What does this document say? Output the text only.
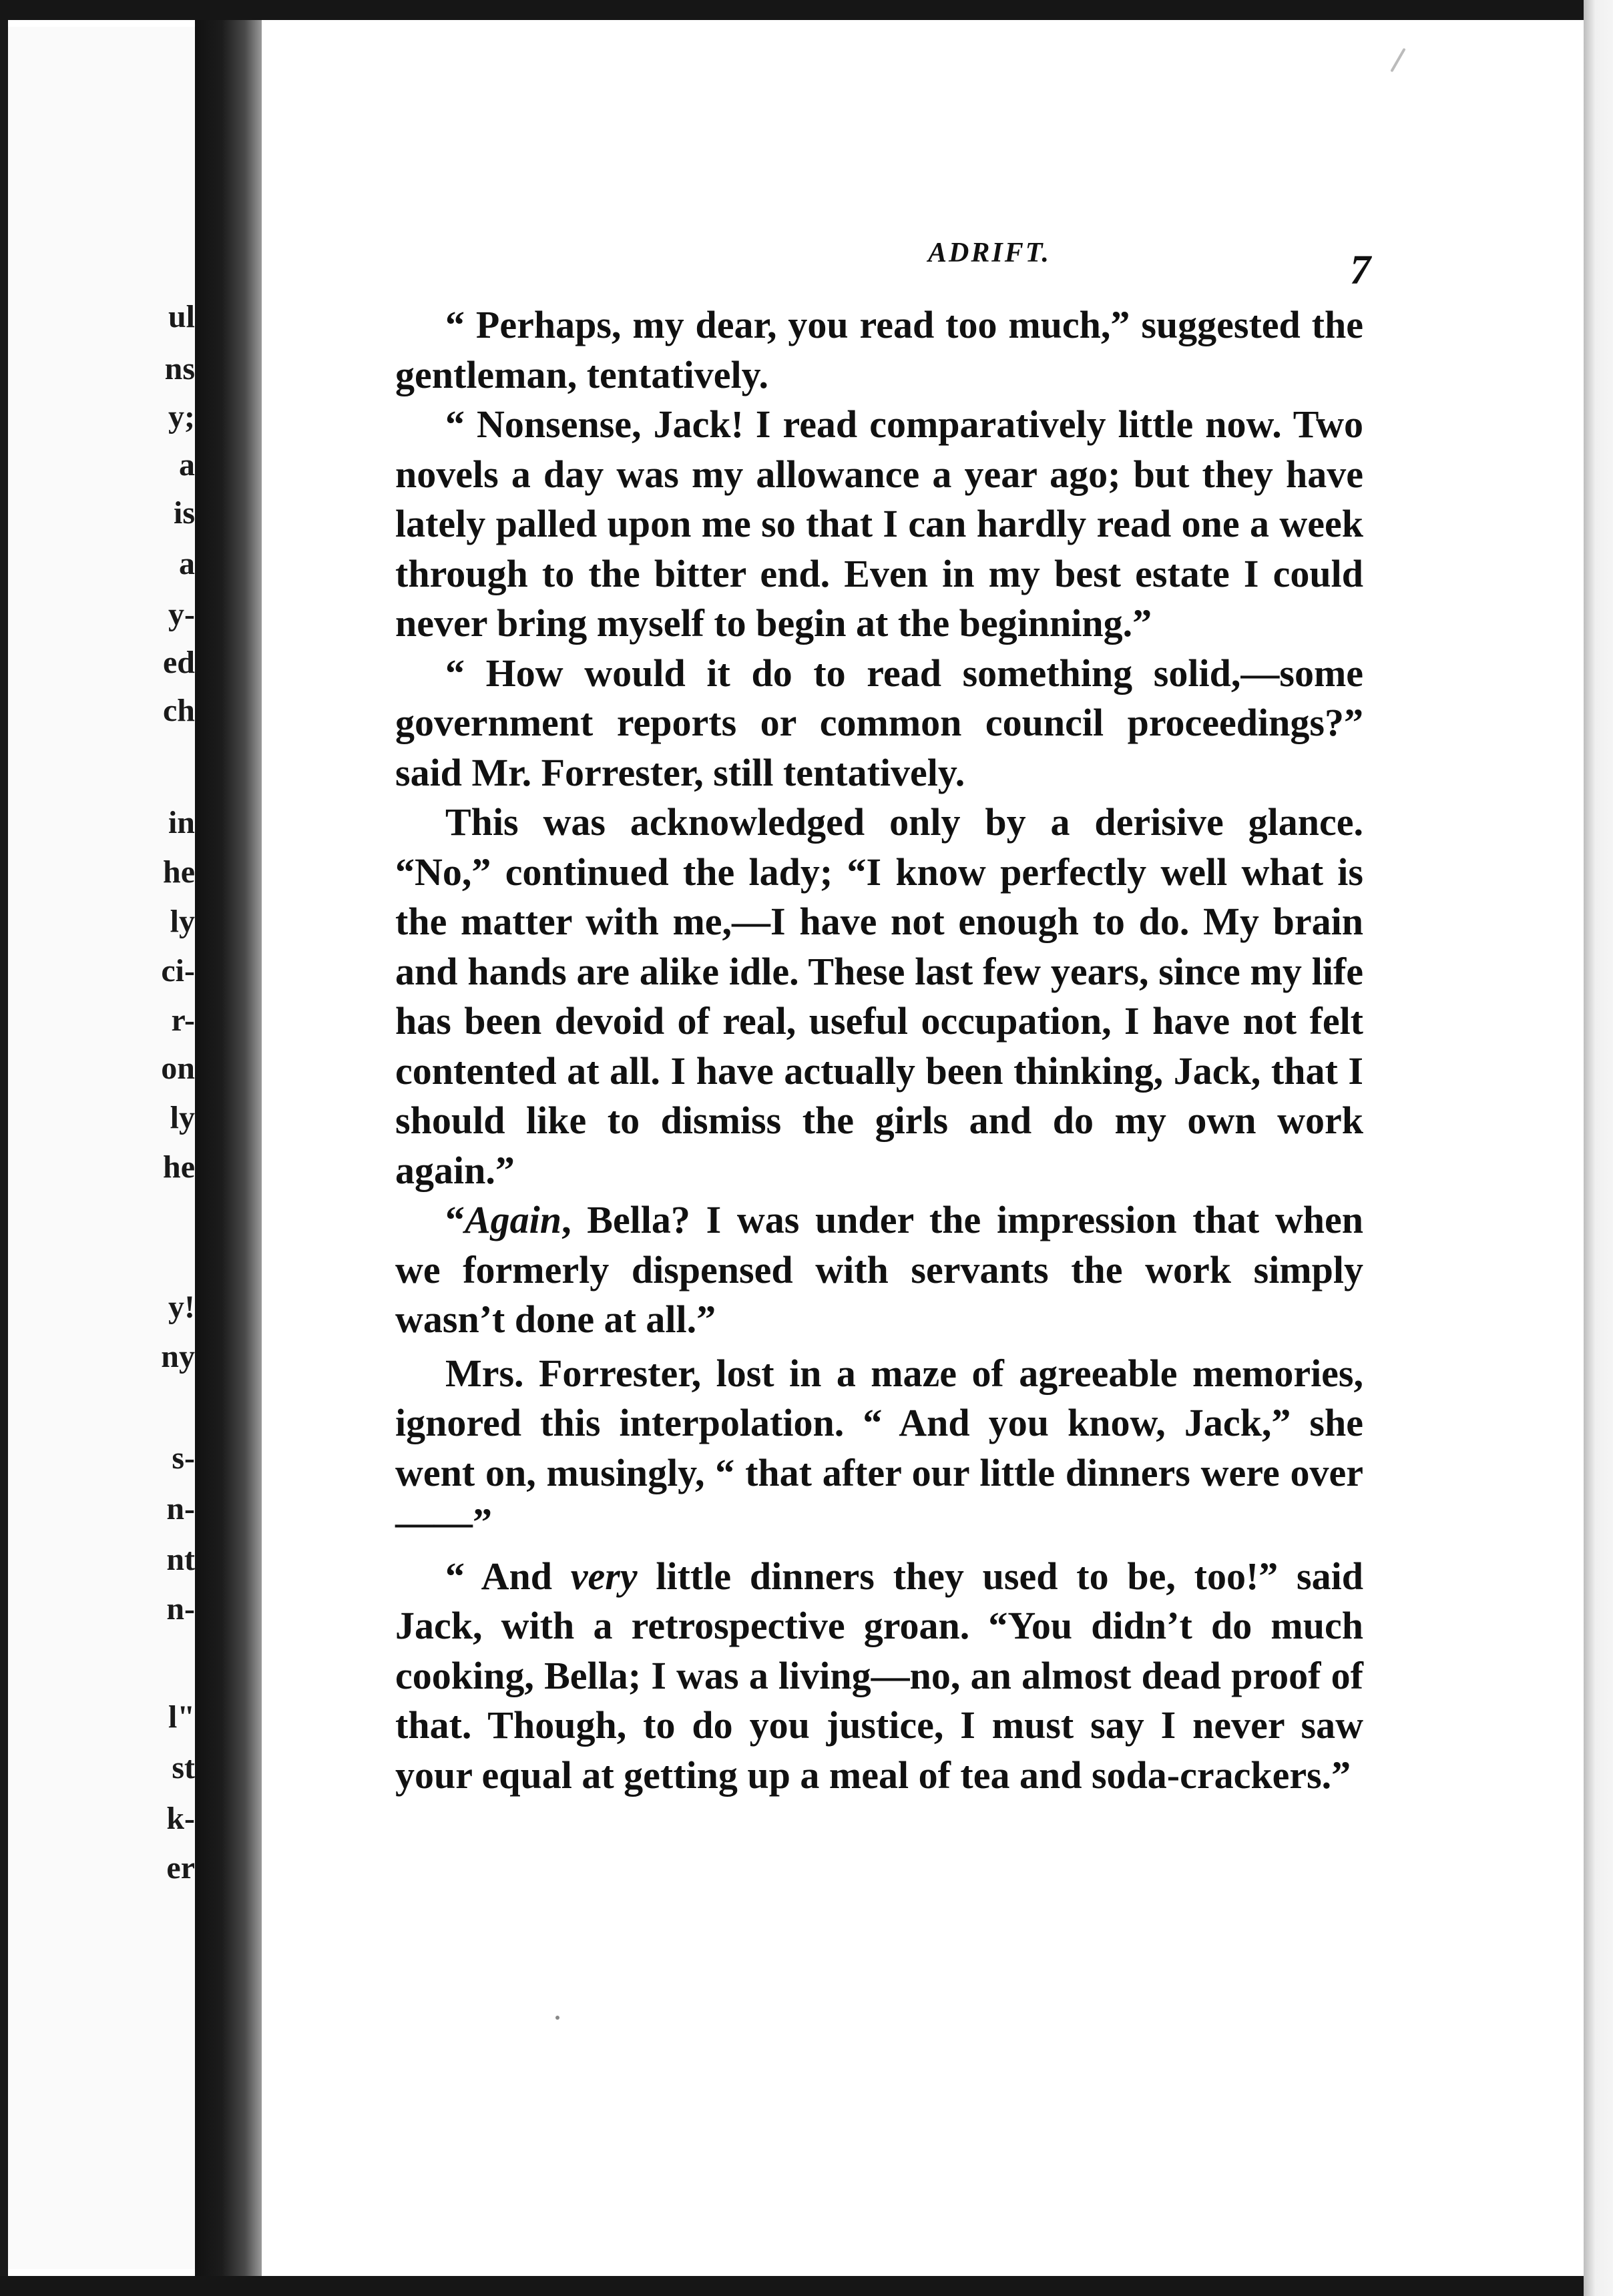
ul
ns
y;
a
is
a
y-
ed
ch
in
he
ly
ci-
r-
on
ly
he
y!
ny
s-
n-
nt
n-
l"
st
k-
er
ADRIFT.	7

“ Perhaps, my dear, you read too much,” suggested the gentleman, tentatively.

“ Nonsense, Jack! I read comparatively little now. Two novels a day was my allowance a year ago; but they have lately palled upon me so that I can hardly read one a week through to the bitter end. Even in my best estate I could never bring myself to begin at the beginning.”

“ How would it do to read something solid,—some government reports or common council proceedings?” said Mr. Forrester, still tentatively.

This was acknowledged only by a derisive glance. “No,” continued the lady; “I know perfectly well what is the matter with me,—I have not enough to do. My brain and hands are alike idle. These last few years, since my life has been devoid of real, useful occupation, I have not felt contented at all. I have actually been thinking, Jack, that I should like to dismiss the girls and do my own work again.”

“Again, Bella? I was under the impression that when we formerly dispensed with servants the work simply wasn’t done at all.”

Mrs. Forrester, lost in a maze of agreeable memories, ignored this interpolation. “ And you know, Jack,” she went on, musingly, “ that after our little dinners were over——”

“ And very little dinners they used to be, too!” said Jack, with a retrospective groan. “You didn’t do much cooking, Bella; I was a living—no, an almost dead proof of that. Though, to do you justice, I must say I never saw your equal at getting up a meal of tea and soda-crackers.”
